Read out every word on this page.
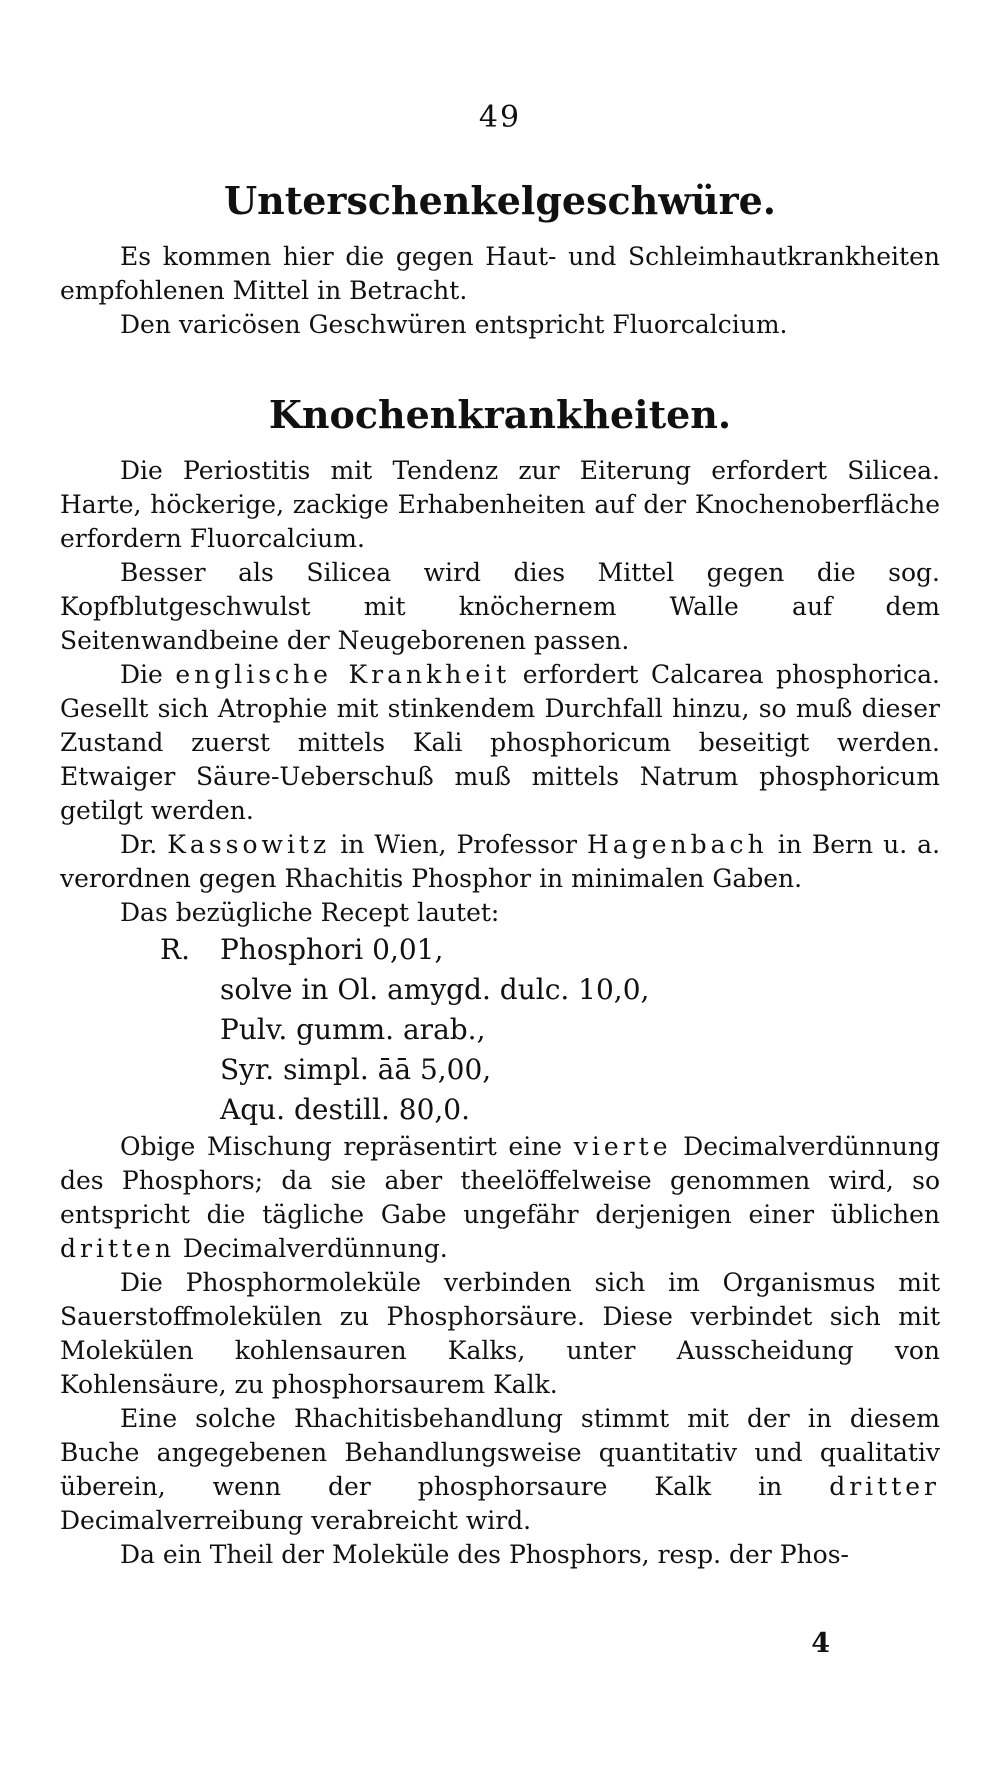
49
Unterschenkelgeschwüre.

Es kommen hier die gegen Haut- und Schleimhautkrankheiten empfohlenen Mittel in Betracht.

Den varicösen Geschwüren entspricht Fluorcalcium.

Knochenkrankheiten.

Die Periostitis mit Tendenz zur Eiterung erfordert Silicea. Harte, höckerige, zackige Erhabenheiten auf der Knochenoberfläche erfordern Fluorcalcium.

Besser als Silicea wird dies Mittel gegen die sog. Kopfblutgeschwulst mit knöchernem Walle auf dem Seitenwandbeine der Neugeborenen passen.

Die englische Krankheit erfordert Calcarea phosphorica. Gesellt sich Atrophie mit stinkendem Durchfall hinzu, so muß dieser Zustand zuerst mittels Kali phosphoricum beseitigt werden. Etwaiger Säure-Ueberschuß muß mittels Natrum phosphoricum getilgt werden.

Dr. Kassowitz in Wien, Professor Hagenbach in Bern u. a. verordnen gegen Rhachitis Phosphor in minimalen Gaben.

Das bezügliche Recept lautet:

R.	Phosphori 0,01,
solve in Ol. amygd. dulc. 10,0,
Pulv. gumm. arab.,
Syr. simpl. āā 5,00,
Aqu. destill. 80,0.

Obige Mischung repräsentirt eine vierte Decimalverdünnung des Phosphors; da sie aber theelöffelweise genommen wird, so entspricht die tägliche Gabe ungefähr derjenigen einer üblichen dritten Decimalverdünnung.

Die Phosphormoleküle verbinden sich im Organismus mit Sauerstoffmolekülen zu Phosphorsäure. Diese verbindet sich mit Molekülen kohlensauren Kalks, unter Ausscheidung von Kohlensäure, zu phosphorsaurem Kalk.

Eine solche Rhachitisbehandlung stimmt mit der in diesem Buche angegebenen Behandlungsweise quantitativ und qualitativ überein, wenn der phosphorsaure Kalk in dritter Decimalverreibung verabreicht wird.

Da ein Theil der Moleküle des Phosphors, resp. der Phos-

4
